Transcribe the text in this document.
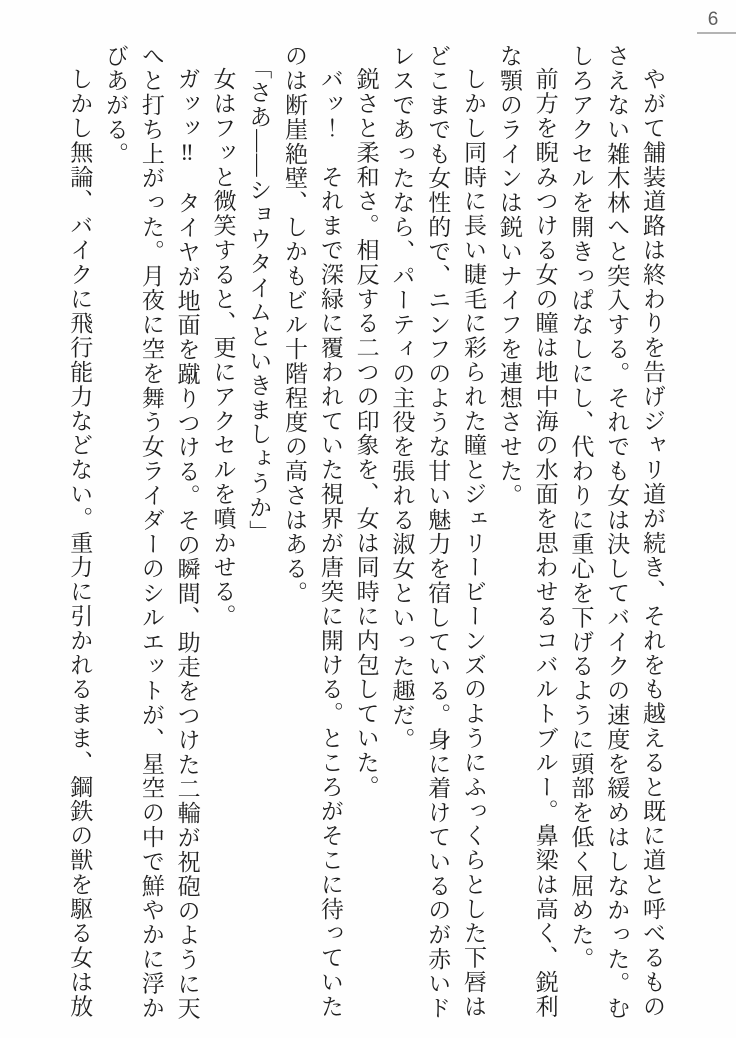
6

やがて舗装道路は終わりを告げジャリ道が続き、それをも越えると既に道と呼べるものさえない雑木林へと突入する。それでも女は決してバイクの速度を緩めはしなかった。むしろアクセルを開きっぱなしにし、代わりに重心を下げるように頭部を低く屈めた。

前方を睨みつける女の瞳は地中海の水面を思わせるコバルトブルー。鼻梁は高く、鋭利な顎のラインは鋭いナイフを連想させた。

しかし同時に長い睫毛に彩られた瞳とジェリービーンズのようにふっくらとした下唇はどこまでも女性的で、ニンフのような甘い魅力を宿している。身に着けているのが赤いドレスであったなら、パーティの主役を張れる淑女といった趣だ。

鋭さと柔和さ。相反する二つの印象を、女は同時に内包していた。

バッ！　それまで深緑に覆われていた視界が唐突に開ける。ところがそこに待っていたのは断崖絶壁、しかもビル十階程度の高さはある。

「さあ――ショウタイムといきましょうか」

女はフッと微笑すると、更にアクセルを噴かせる。

ガッッ‼　タイヤが地面を蹴りつける。その瞬間、助走をつけた二輪が祝砲のように天へと打ち上がった。月夜に空を舞う女ライダーのシルエットが、星空の中で鮮やかに浮かびあがる。

しかし無論、バイクに飛行能力などない。重力に引かれるまま、鋼鉄の獣を駆る女は放
